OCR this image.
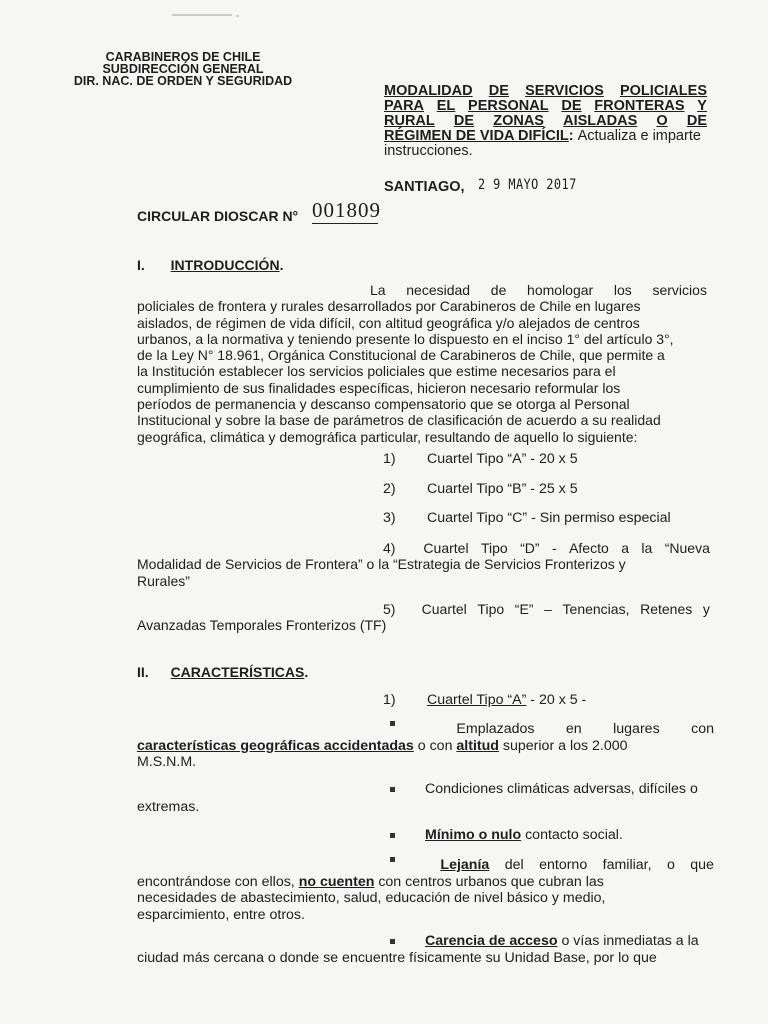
CARABINEROS DE CHILE
SUBDIRECCIÓN GENERAL
DIR. NAC. DE ORDEN Y SEGURIDAD
MODALIDAD DE SERVICIOS POLICIALES
PARA EL PERSONAL DE FRONTERAS Y
RURAL DE ZONAS AISLADAS O DE
RÉGIMEN DE VIDA DIFÍCIL: Actualiza e imparte
instrucciones.
SANTIAGO, 2 9 MAYO 2017
CIRCULAR DIOSCAR N° 001809
I. INTRODUCCIÓN.
La necesidad de homologar los servicios
policiales de frontera y rurales desarrollados por Carabineros de Chile en lugares
aislados, de régimen de vida difícil, con altitud geográfica y/o alejados de centros
urbanos, a la normativa y teniendo presente lo dispuesto en el inciso 1° del artículo 3°,
de la Ley N° 18.961, Orgánica Constitucional de Carabineros de Chile, que permite a
la Institución establecer los servicios policiales que estime necesarios para el
cumplimiento de sus finalidades específicas, hicieron necesario reformular los
períodos de permanencia y descanso compensatorio que se otorga al Personal
Institucional y sobre la base de parámetros de clasificación de acuerdo a su realidad
geográfica, climática y demográfica particular, resultando de aquello lo siguiente:
1) Cuartel Tipo “A” - 20 x 5
2) Cuartel Tipo “B” - 25 x 5
3) Cuartel Tipo “C” - Sin permiso especial
4)	Cuartel Tipo “D” - Afecto a la “Nueva
Modalidad de Servicios de Frontera” o la “Estrategia de Servicios Fronterizos y
Rurales”
5)	Cuartel Tipo “E” – Tenencias, Retenes y
Avanzadas Temporales Fronterizos (TF)
II. CARACTERÍSTICAS.
1) Cuartel Tipo “A” - 20 x 5 -
Emplazados en lugares con
características geográficas accidentadas o con altitud superior a los 2.000
M.S.N.M.
Condiciones climáticas adversas, difíciles o
extremas.
Mínimo o nulo contacto social.
Lejanía del entorno familiar, o que
encontrándose con ellos, no cuenten con centros urbanos que cubran las
necesidades de abastecimiento, salud, educación de nivel básico y medio,
esparcimiento, entre otros.
Carencia de acceso o vías inmediatas a la
ciudad más cercana o donde se encuentre físicamente su Unidad Base, por lo que
